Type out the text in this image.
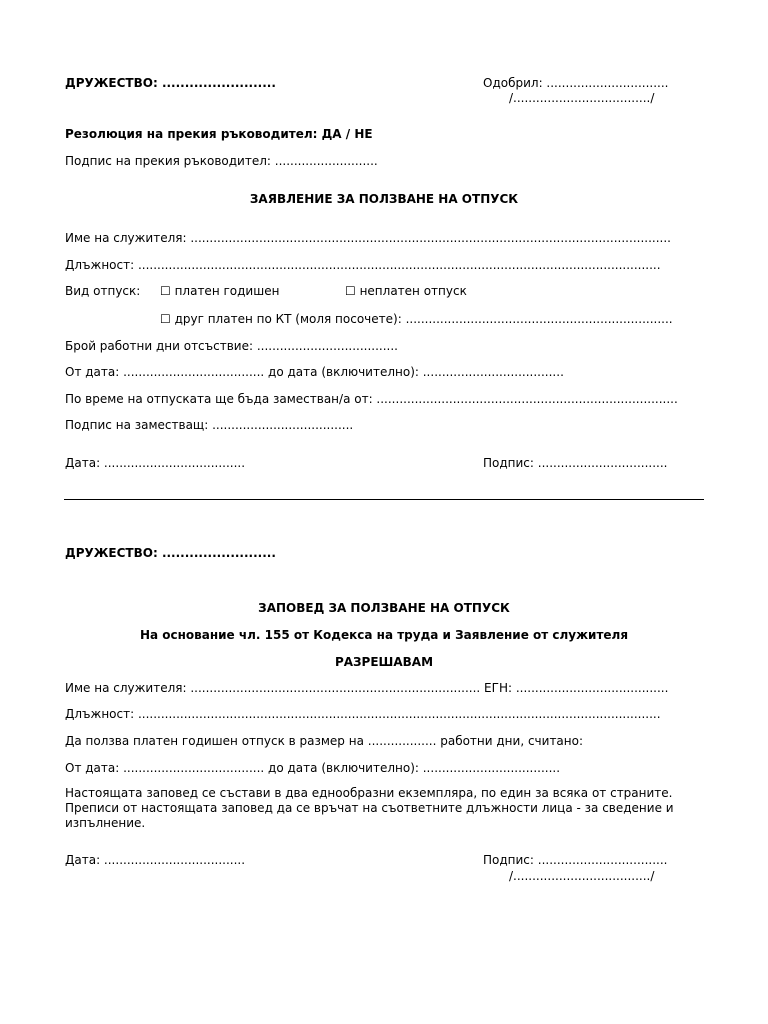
ДРУЖЕСТВО: .........................	Одобрил: ................................
/..................................../
Резолюция на прекия ръководител: ДА / НЕ
Подпис на прекия ръководител: ...........................
ЗАЯВЛЕНИЕ ЗА ПОЛЗВАНЕ НА ОТПУСК
Име на служителя: ..............................................................................................................................
Длъжност: .........................................................................................................................................
Вид отпуск: ☐ платен годишен	☐ неплатен отпуск
☐ друг платен по КТ (моля посочете): ......................................................................
Брой работни дни отсъствие: .....................................
От дата: ..................................... до дата (включително): .....................................
По време на отпуската ще бъда заместван/а от: ...............................................................................
Подпис на заместващ: .....................................
Дата: .....................................	Подпис: ..................................
ДРУЖЕСТВО: .........................
ЗАПОВЕД ЗА ПОЛЗВАНЕ НА ОТПУСК
На основание чл. 155 от Кодекса на труда и Заявление от служителя
РАЗРЕШАВАМ
Име на служителя: ............................................................................ ЕГН: ........................................
Длъжност: .........................................................................................................................................
Да ползва платен годишен отпуск в размер на .................. работни дни, считано:
От дата: ..................................... до дата (включително): ....................................
Настоящата заповед се състави в два еднообразни екземпляра, по един за всяка от страните. Преписи от настоящата заповед да се връчат на съответните длъжности лица - за сведение и изпълнение.
Дата: .....................................	Подпис: ..................................
/..................................../
